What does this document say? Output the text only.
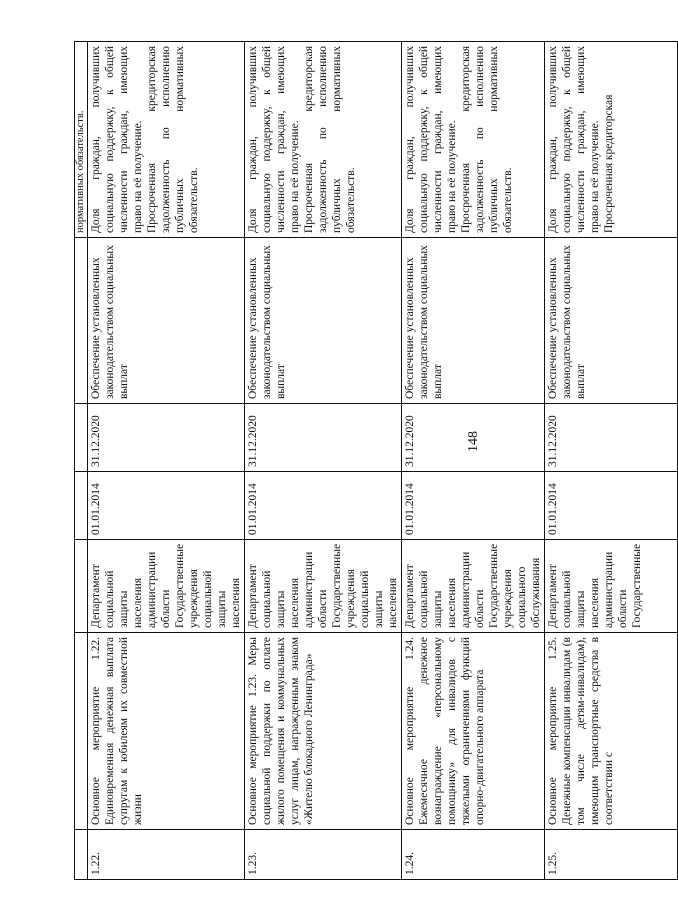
148
						нормативных обязательств.
1.22.	Основное мероприятие 1.22. Единовременная денежная выплата супругам к юбилеям их совместной жизни	Департамент социальной защиты населения администрации области Государственные учреждения социальной защиты населения	01.01.2014	31.12.2020	Обеспечение установленных законодательством социальных выплат	Доля граждан, получивших социальную поддержку, к общей численности граждан, имеющих право на её получение. Просроченная кредиторская задолженность по исполнению публичных нормативных обязательств.

1.23.	Основное мероприятие 1.23. Меры социальной поддержки по оплате жилого помещения и коммунальных услуг лицам, награжденным знаком «Жителю блокадного Ленинграда»	Департамент социальной защиты населения администрации области Государственные учреждения социальной защиты населения	01.01.2014	31.12.2020	Обеспечение установленных законодательством социальных выплат	Доля граждан, получивших социальную поддержку, к общей численности граждан, имеющих право на её получение. Просроченная кредиторская задолженность по исполнению публичных нормативных обязательств.

1.24.	Основное мероприятие 1.24. Ежемесячное денежное вознаграждение «персональному помощнику» для инвалидов с тяжелыми ограничениями функций опорно-двигательного аппарата	Департамент социальной защиты населения администрации области Государственные учреждения социального обслуживания	01.01.2014	31.12.2020	Обеспечение установленных законодательством социальных выплат	Доля граждан, получивших социальную поддержку, к общей численности граждан, имеющих право на её получение. Просроченная кредиторская задолженность по исполнению публичных нормативных обязательств.

1.25.	Основное мероприятие 1.25. Денежные компенсации инвалидам (в том числе детям-инвалидам), имеющим транспортные средства в соответствии с	Департамент социальной защиты населения администрации области Государственные	01.01.2014	31.12.2020	Обеспечение установленных законодательством социальных выплат	Доля граждан, получивших социальную поддержку, к общей численности граждан, имеющих право на её получение. Просроченная кредиторская
